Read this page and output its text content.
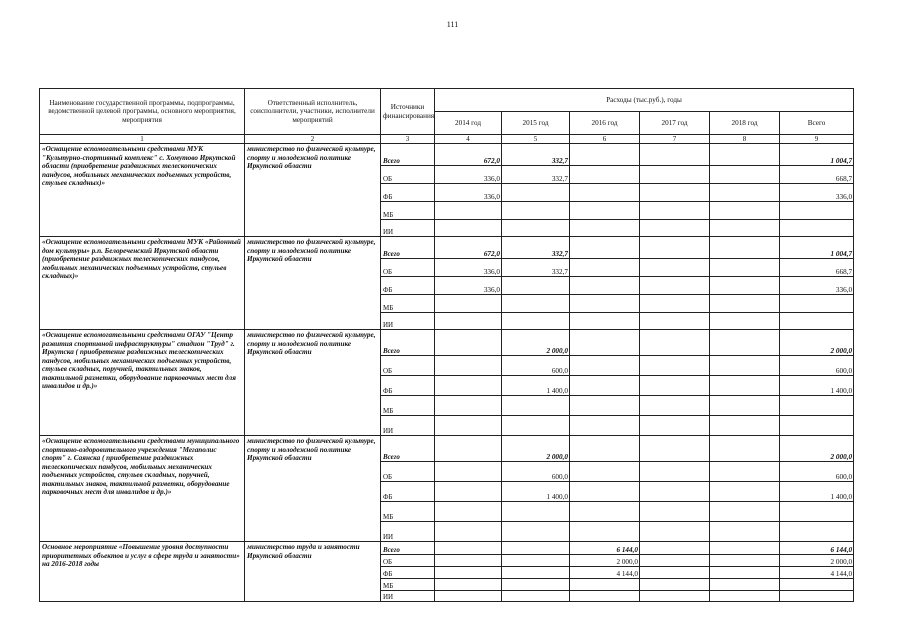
111
Наименование государственной программы, подпрограммы, ведомственной целевой программы, основного мероприятия, мероприятия	Ответственный исполнитель, соисполнители, участники, исполнители мероприятий	Источники финансирования	Расходы (тыс.руб.), годы					
			2014 год	2015 год	2016 год	2017 год	2018 год	Всего
1	2	3	4	5	6	7	8	9
«Оснащение вспомогательными средствами МУК "Культурно-спортивный комплекс" с. Хомутово Иркутской области (приобретение раздвижных телескопических пандусов, мобильных механических подъемных устройств, стульев складных)»	министерство по физической культуре, спорту и молодежной политике Иркутской области	Всего	672,0	332,7				1 004,7
		ОБ	336,0	332,7				668,7
		ФБ	336,0					336,0
		МБ						
		ИИ						
«Оснащение вспомогательными средствами МУК «Районный дом культуры» р.п. Белореченский Иркутской области (приобретение раздвижных телескопических пандусов, мобильных механических подъемных устройств, стульев складных)»	министерство по физической культуре, спорту и молодежной политике Иркутской области	Всего	672,0	332,7				1 004,7
		ОБ	336,0	332,7				668,7
		ФБ	336,0					336,0
		МБ						
		ИИ						
«Оснащение вспомогательными средствами ОГАУ "Центр развития спортивной инфраструктуры" стадион "Труд" г. Иркутска ( приобретение раздвижных телескопических пандусов, мобильных механических подъемных устройств, стульев складных, поручней, тактильных знаков, тактильной разметки, оборудование парковочных мест для инвалидов и др.)»	министерство по физической культуре, спорту и молодежной политике Иркутской области	Всего		2 000,0				2 000,0
		ОБ		600,0				600,0
		ФБ		1 400,0				1 400,0
		МБ						
		ИИ						
«Оснащение вспомогательными средствами муниципального спортивно-оздоровительного учреждения "Мегаполис спорт" г. Саянска ( приобретение раздвижных телескопических пандусов, мобильных механических подъемных устройств, стульев складных, поручней, тактильных знаков, тактильной разметки, оборудование парковочных мест для инвалидов и др.)»	министерство по физической культуре, спорту и молодежной политике Иркутской области	Всего		2 000,0				2 000,0
		ОБ		600,0				600,0
		ФБ		1 400,0				1 400,0
		МБ						
		ИИ						
Основное мероприятие «Повышение уровня доступности приоритетных объектов и услуг в сфере труда и занятости» на 2016-2018 годы	министерство труда и занятости Иркутской области	Всего			6 144,0			6 144,0
		ОБ			2 000,0			2 000,0
		ФБ			4 144,0			4 144,0
		МБ						
		ИИ						
